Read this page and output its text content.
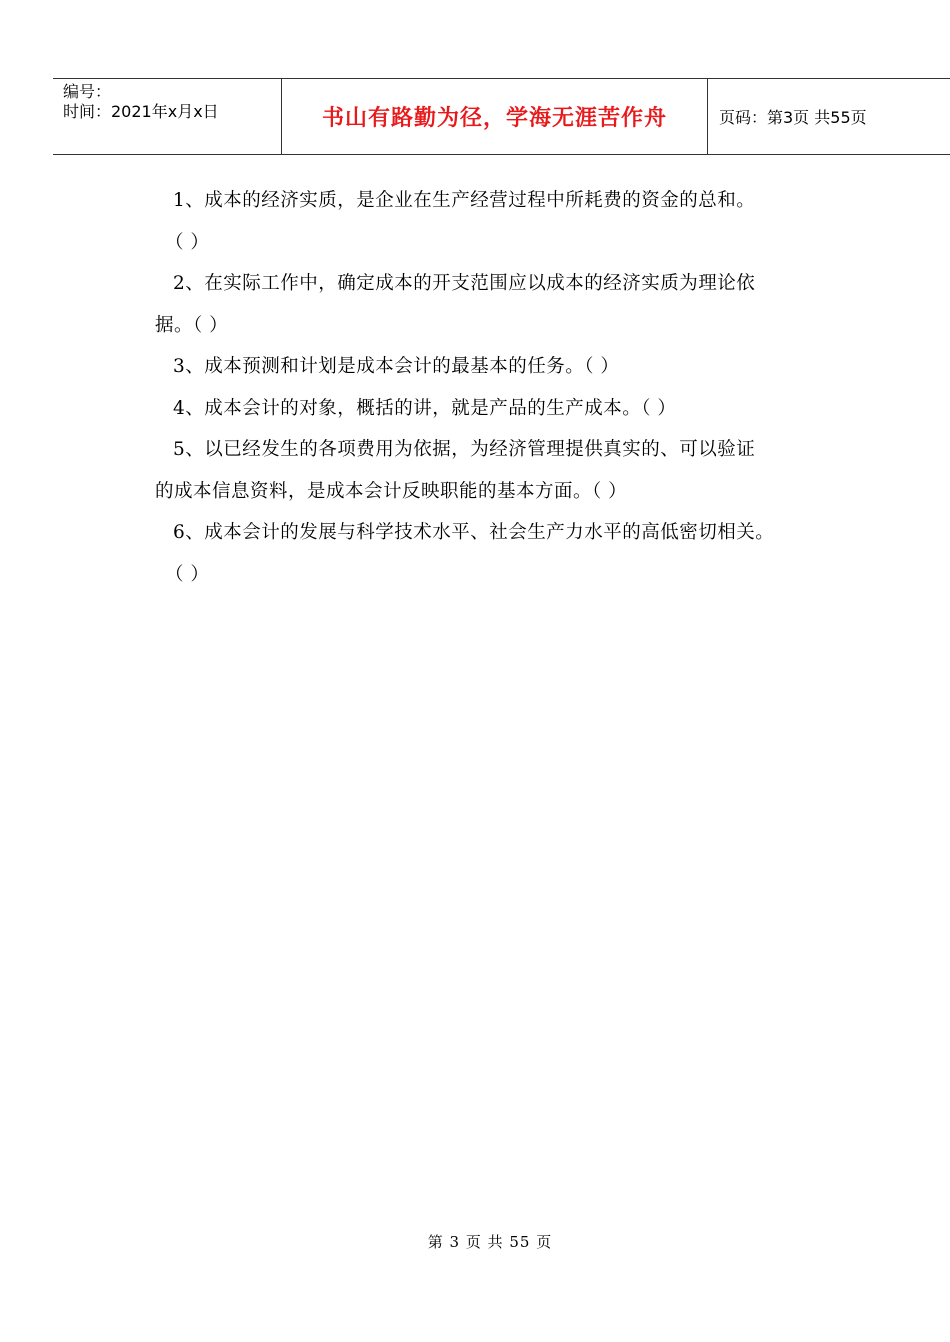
编号：
时间：2021年x月x日	书山有路勤为径，学海无涯苦作舟	页码：第3页 共55页

1、成本的经济实质，是企业在生产经营过程中所耗费的资金的总和。

（ ）

2、在实际工作中，确定成本的开支范围应以成本的经济实质为理论依

据。（ ）

3、成本预测和计划是成本会计的最基本的任务。（ ）

4、成本会计的对象，概括的讲，就是产品的生产成本。（ ）

5、以已经发生的各项费用为依据，为经济管理提供真实的、可以验证

的成本信息资料，是成本会计反映职能的基本方面。（ ）

6、成本会计的发展与科学技术水平、社会生产力水平的高低密切相关。

（ ）

第 3 页 共 55 页
